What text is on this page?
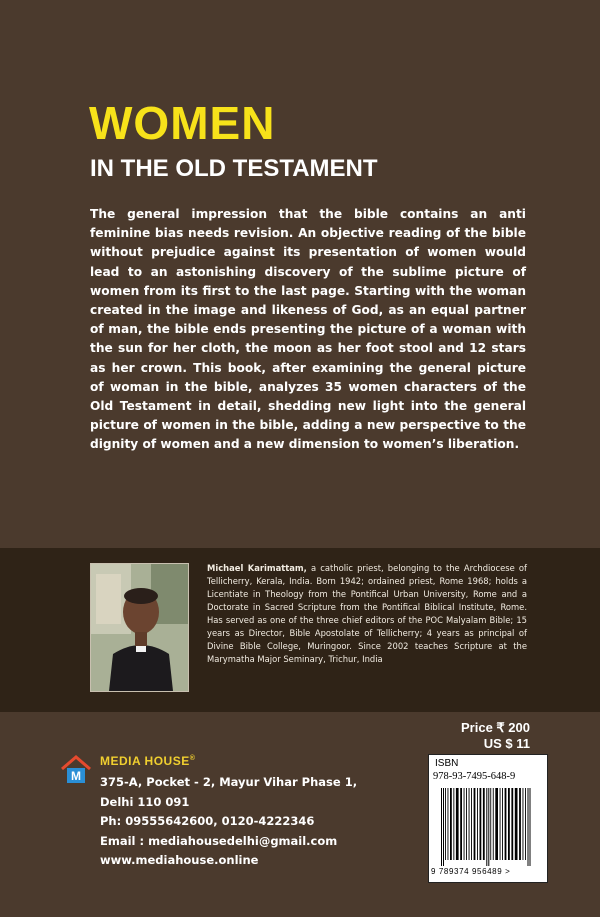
WOMEN
IN THE OLD TESTAMENT

The general impression that the bible contains an anti feminine bias needs revision. An objective reading of the bible without prejudice against its presentation of women would lead to an astonishing discovery of the sublime picture of women from its first to the last page. Starting with the woman created in the image and likeness of God, as an equal partner of man, the bible ends presenting the picture of a woman with the sun for her cloth, the moon as her foot stool and 12 stars as her crown. This book, after examining the general picture of woman in the bible, analyzes 35 women characters of the Old Testament in detail, shedding new light into the general picture of women in the bible, adding a new perspective to the dignity of women and a new dimension to women’s liberation.

Michael Karimattam, a catholic priest, belonging to the Archdiocese of Tellicherry, Kerala, India. Born 1942; ordained priest, Rome 1968; holds a Licentiate in Theology from the Pontifical Urban University, Rome and a Doctorate in Sacred Scripture from the Pontifical Biblical Institute, Rome. Has served as one of the three chief editors of the POC Malyalam Bible; 15 years as Director, Bible Apostolate of Tellicherry; 4 years as principal of Divine Bible College, Muringoor. Since 2002 teaches Scripture at the Marymatha Major Seminary, Trichur, India

M
MEDIA HOUSE®
375-A, Pocket - 2, Mayur Vihar Phase 1,
Delhi 110 091
Ph: 09555642600, 0120-4222346
Email : mediahousedelhi@gmail.com
www.mediahouse.online
Price ₹ 200
US $ 11
ISBN
978-93-7495-648-9
9 789374 956489 >
